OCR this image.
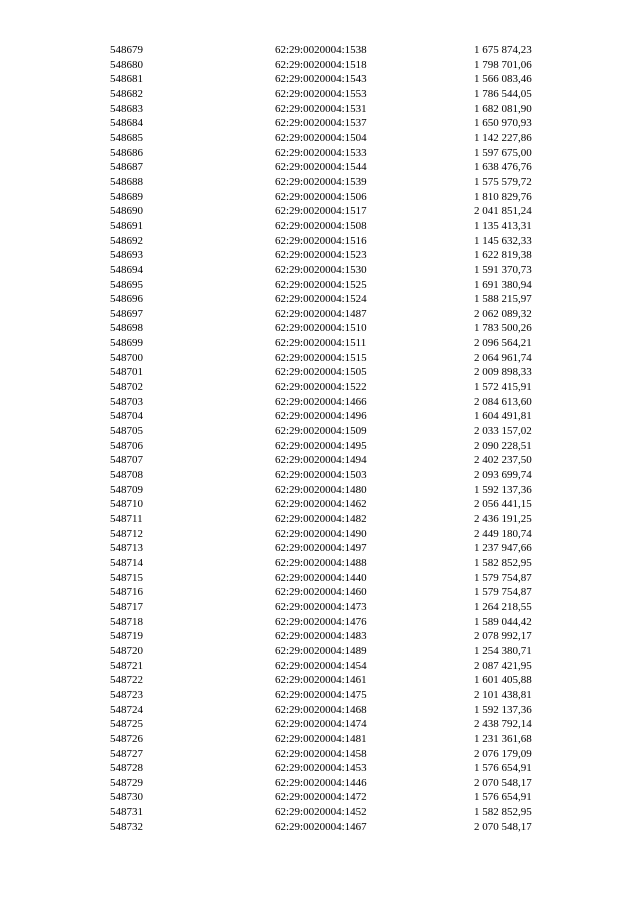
548679	62:29:0020004:1538	1 675 874,23
548680	62:29:0020004:1518	1 798 701,06
548681	62:29:0020004:1543	1 566 083,46
548682	62:29:0020004:1553	1 786 544,05
548683	62:29:0020004:1531	1 682 081,90
548684	62:29:0020004:1537	1 650 970,93
548685	62:29:0020004:1504	1 142 227,86
548686	62:29:0020004:1533	1 597 675,00
548687	62:29:0020004:1544	1 638 476,76
548688	62:29:0020004:1539	1 575 579,72
548689	62:29:0020004:1506	1 810 829,76
548690	62:29:0020004:1517	2 041 851,24
548691	62:29:0020004:1508	1 135 413,31
548692	62:29:0020004:1516	1 145 632,33
548693	62:29:0020004:1523	1 622 819,38
548694	62:29:0020004:1530	1 591 370,73
548695	62:29:0020004:1525	1 691 380,94
548696	62:29:0020004:1524	1 588 215,97
548697	62:29:0020004:1487	2 062 089,32
548698	62:29:0020004:1510	1 783 500,26
548699	62:29:0020004:1511	2 096 564,21
548700	62:29:0020004:1515	2 064 961,74
548701	62:29:0020004:1505	2 009 898,33
548702	62:29:0020004:1522	1 572 415,91
548703	62:29:0020004:1466	2 084 613,60
548704	62:29:0020004:1496	1 604 491,81
548705	62:29:0020004:1509	2 033 157,02
548706	62:29:0020004:1495	2 090 228,51
548707	62:29:0020004:1494	2 402 237,50
548708	62:29:0020004:1503	2 093 699,74
548709	62:29:0020004:1480	1 592 137,36
548710	62:29:0020004:1462	2 056 441,15
548711	62:29:0020004:1482	2 436 191,25
548712	62:29:0020004:1490	2 449 180,74
548713	62:29:0020004:1497	1 237 947,66
548714	62:29:0020004:1488	1 582 852,95
548715	62:29:0020004:1440	1 579 754,87
548716	62:29:0020004:1460	1 579 754,87
548717	62:29:0020004:1473	1 264 218,55
548718	62:29:0020004:1476	1 589 044,42
548719	62:29:0020004:1483	2 078 992,17
548720	62:29:0020004:1489	1 254 380,71
548721	62:29:0020004:1454	2 087 421,95
548722	62:29:0020004:1461	1 601 405,88
548723	62:29:0020004:1475	2 101 438,81
548724	62:29:0020004:1468	1 592 137,36
548725	62:29:0020004:1474	2 438 792,14
548726	62:29:0020004:1481	1 231 361,68
548727	62:29:0020004:1458	2 076 179,09
548728	62:29:0020004:1453	1 576 654,91
548729	62:29:0020004:1446	2 070 548,17
548730	62:29:0020004:1472	1 576 654,91
548731	62:29:0020004:1452	1 582 852,95
548732	62:29:0020004:1467	2 070 548,17
